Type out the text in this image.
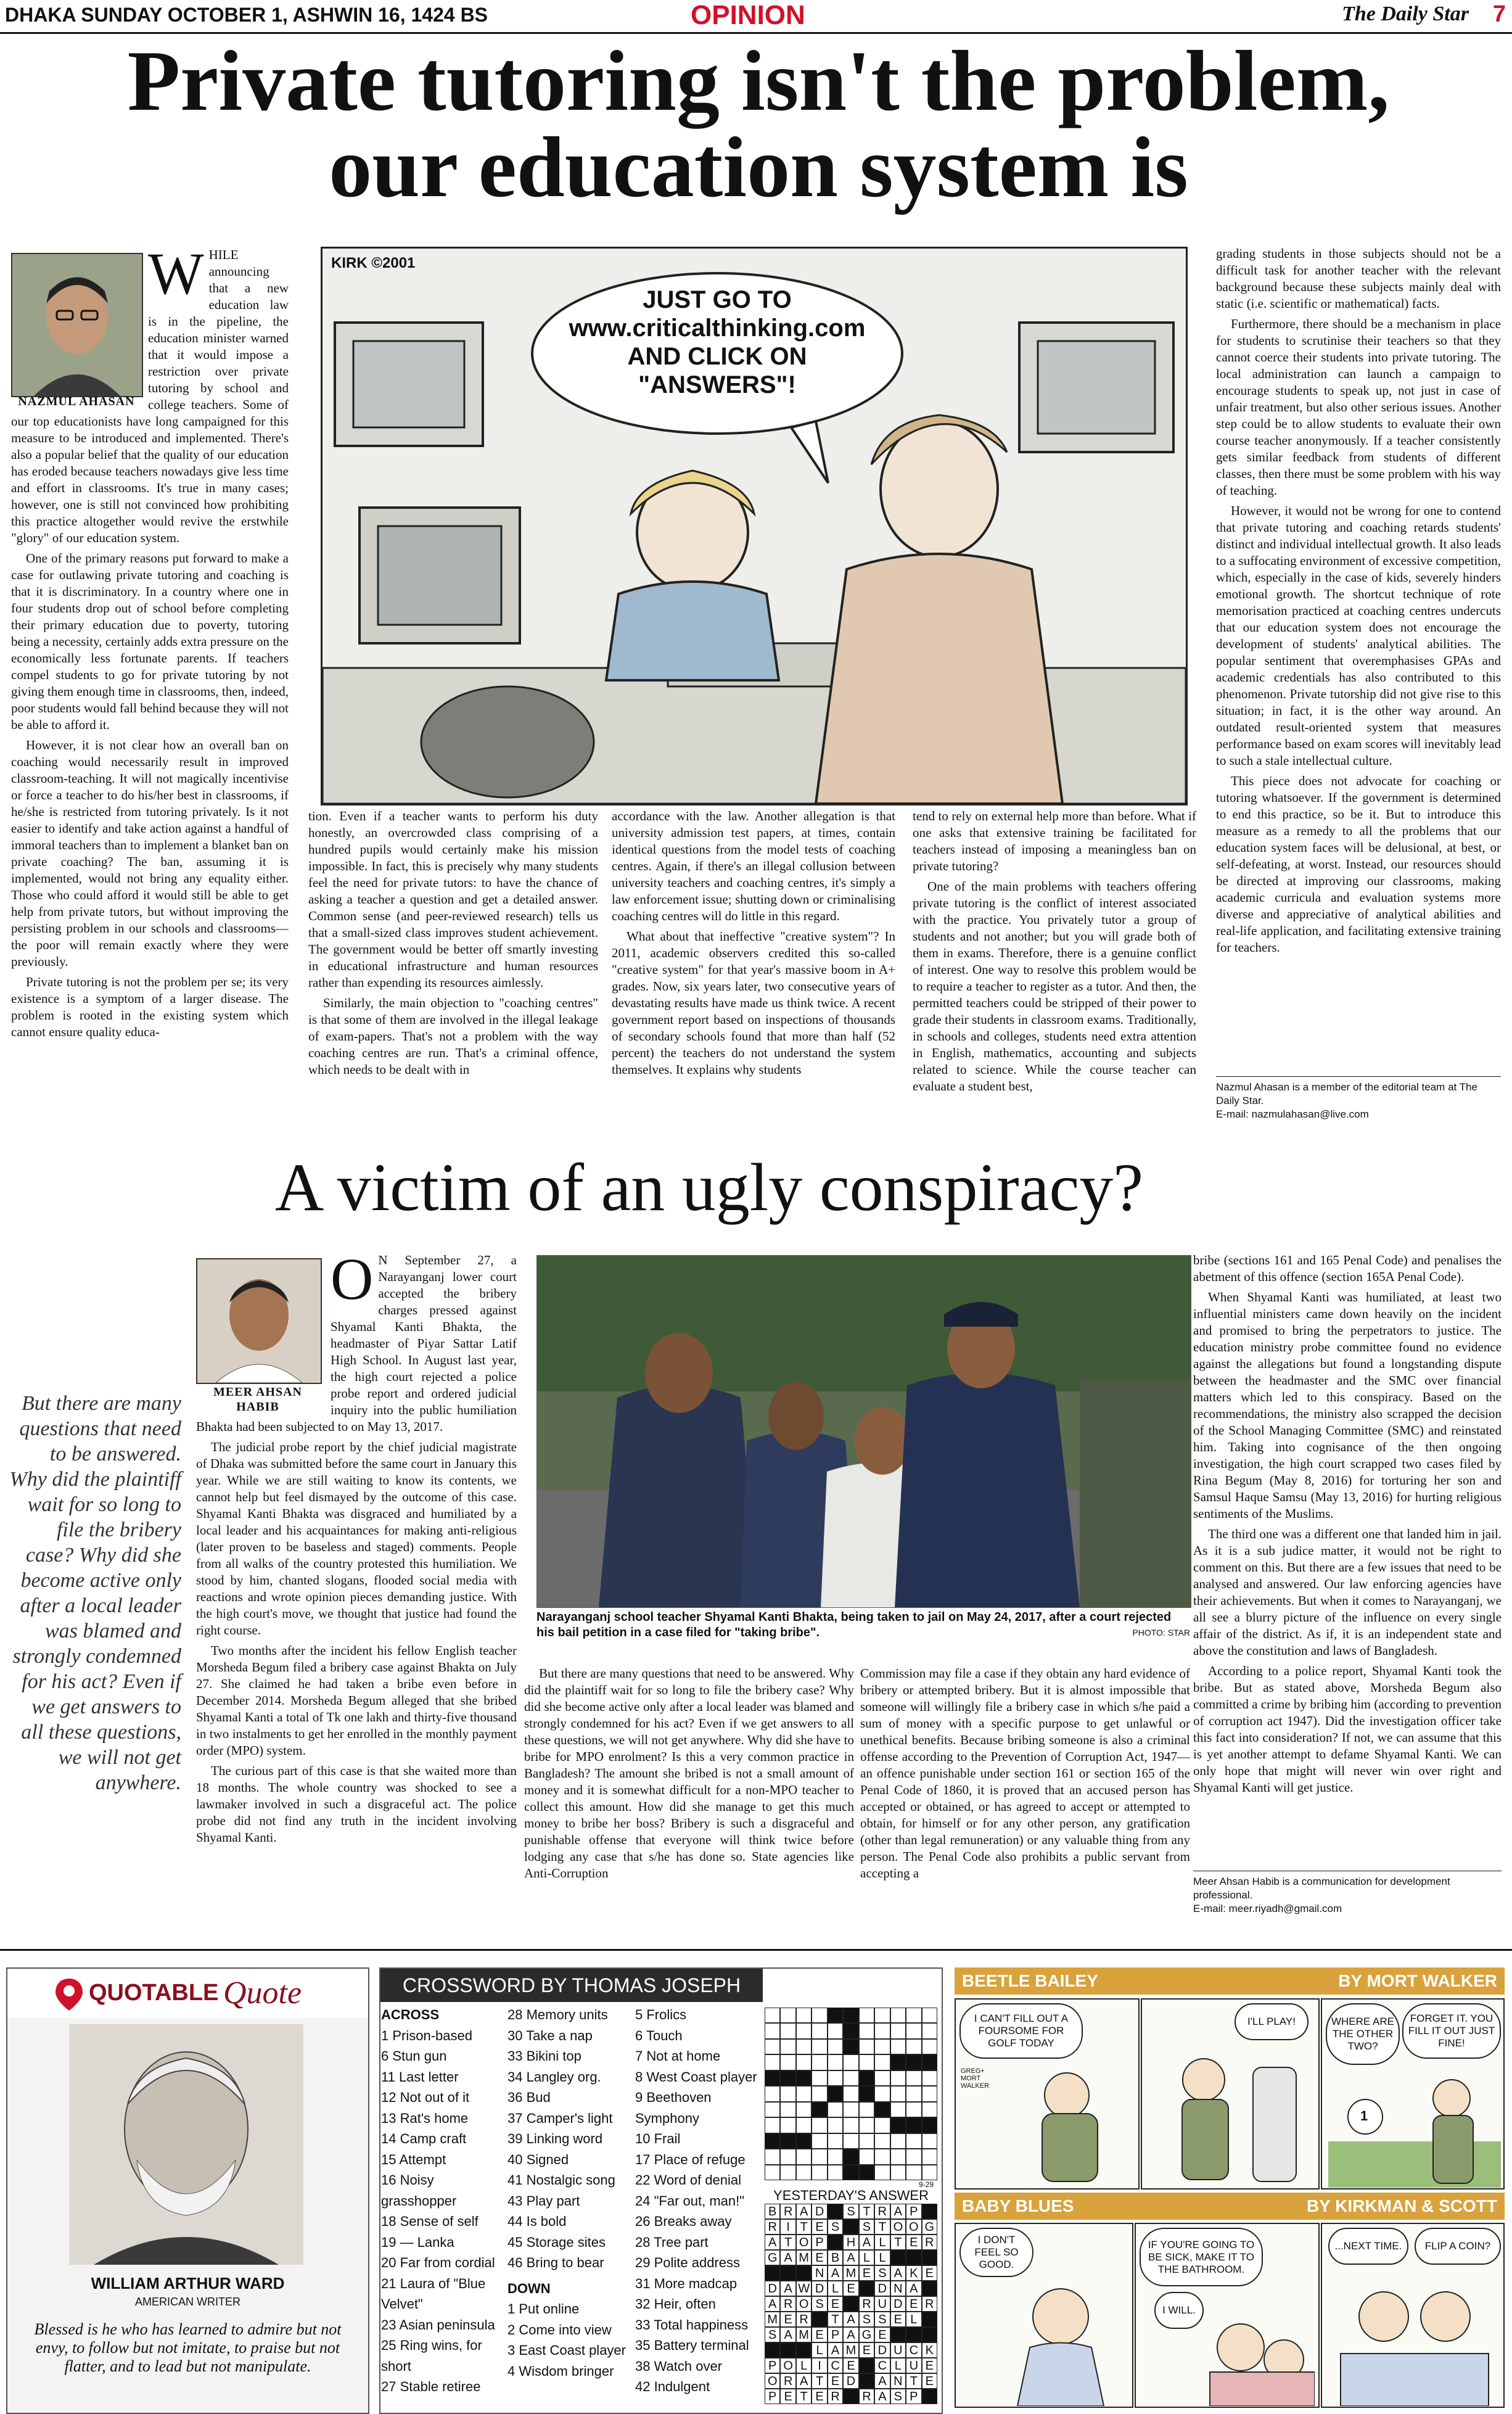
DHAKA SUNDAY OCTOBER 1, ASHWIN 16, 1424 BS	OPINION	The Daily Star 7
Private tutoring isn't the problem,
our education system is
NAZMUL AHASAN
W HILE announcing that a new education law is in the pipeline, the education minister warned that it would impose a restriction over private tutoring by school and college teachers. Some of our top educationists have long campaigned for this measure to be introduced and implemented. There's also a popular belief that the quality of our education has eroded because teachers nowadays give less time and effort in classrooms. It's true in many cases; however, one is still not convinced how prohibiting this practice altogether would revive the erstwhile "glory" of our education system.

One of the primary reasons put forward to make a case for outlawing private tutoring and coaching is that it is discriminatory. In a country where one in four students drop out of school before completing their primary education due to poverty, tutoring being a necessity, certainly adds extra pressure on the economically less fortunate parents. If teachers compel students to go for private tutoring by not giving them enough time in classrooms, then, indeed, poor students would fall behind because they will not be able to afford it.

However, it is not clear how an overall ban on coaching would necessarily result in improved classroom-teaching. It will not magically incentivise or force a teacher to do his/her best in classrooms, if he/she is restricted from tutoring privately. Is it not easier to identify and take action against a handful of immoral teachers than to implement a blanket ban on private coaching? The ban, assuming it is implemented, would not bring any equality either. Those who could afford it would still be able to get help from private tutors, but without improving the persisting problem in our schools and classrooms—the poor will remain exactly where they were previously.

Private tutoring is not the problem per se; its very existence is a symptom of a larger disease. The problem is rooted in the existing system which cannot ensure quality educa-

KIRK ©2001
JUST GO TO www.criticalthinking.com AND CLICK ON "ANSWERS"!

tion. Even if a teacher wants to perform his duty honestly, an overcrowded class comprising of a hundred pupils would certainly make his mission impossible. In fact, this is precisely why many students feel the need for private tutors: to have the chance of asking a teacher a question and get a detailed answer. Common sense (and peer-reviewed research) tells us that a small-sized class improves student achievement. The government would be better off smartly investing in educational infrastructure and human resources rather than expending its resources aimlessly.

Similarly, the main objection to "coaching centres" is that some of them are involved in the illegal leakage of exam-papers. That's not a problem with the way coaching centres are run. That's a criminal offence, which needs to be dealt with in

accordance with the law. Another allegation is that university admission test papers, at times, contain identical questions from the model tests of coaching centres. Again, if there's an illegal collusion between university teachers and coaching centres, it's simply a law enforcement issue; shutting down or criminalising coaching centres will do little in this regard.

What about that ineffective "creative system"? In 2011, academic observers credited this so-called "creative system" for that year's massive boom in A+ grades. Now, six years later, two consecutive years of devastating results have made us think twice. A recent government report based on inspections of thousands of secondary schools found that more than half (52 percent) the teachers do not understand the system themselves. It explains why students

tend to rely on external help more than before. What if one asks that extensive training be facilitated for teachers instead of imposing a meaningless ban on private tutoring?

One of the main problems with teachers offering private tutoring is the conflict of interest associated with the practice. You privately tutor a group of students and not another; but you will grade both of them in exams. Therefore, there is a genuine conflict of interest. One way to resolve this problem would be to require a teacher to register as a tutor. And then, the permitted teachers could be stripped of their power to grade their students in classroom exams. Traditionally, in schools and colleges, students need extra attention in English, mathematics, accounting and subjects related to science. While the course teacher can evaluate a student best,

grading students in those subjects should not be a difficult task for another teacher with the relevant background because these subjects mainly deal with static (i.e. scientific or mathematical) facts.

Furthermore, there should be a mechanism in place for students to scrutinise their teachers so that they cannot coerce their students into private tutoring. The local administration can launch a campaign to encourage students to speak up, not just in case of unfair treatment, but also other serious issues. Another step could be to allow students to evaluate their own course teacher anonymously. If a teacher consistently gets similar feedback from students of different classes, then there must be some problem with his way of teaching.

However, it would not be wrong for one to contend that private tutoring and coaching retards students' distinct and individual intellectual growth. It also leads to a suffocating environment of excessive competition, which, especially in the case of kids, severely hinders emotional growth. The shortcut technique of rote memorisation practiced at coaching centres undercuts that our education system does not encourage the development of students' analytical abilities. The popular sentiment that overemphasises GPAs and academic credentials has also contributed to this phenomenon. Private tutorship did not give rise to this situation; in fact, it is the other way around. An outdated result-oriented system that measures performance based on exam scores will inevitably lead to such a stale intellectual culture.

This piece does not advocate for coaching or tutoring whatsoever. If the government is determined to end this practice, so be it. But to introduce this measure as a remedy to all the problems that our education system faces will be delusional, at best, or self-defeating, at worst. Instead, our resources should be directed at improving our classrooms, making academic curricula and evaluation systems more diverse and appreciative of analytical abilities and real-life application, and facilitating extensive training for teachers.

Nazmul Ahasan is a member of the editorial team at The Daily Star.
E-mail: nazmulahasan@live.com
A victim of an ugly conspiracy?
But there are many questions that need to be answered. Why did the plaintiff wait for so long to file the bribery case? Why did she become active only after a local leader was blamed and strongly condemned for his act? Even if we get answers to all these questions, we will not get anywhere.
MEER AHSAN
HABIB
O N September 27, a Narayanganj lower court accepted the bribery charges pressed against Shyamal Kanti Bhakta, the headmaster of Piyar Sattar Latif High School. In August last year, the high court rejected a police probe report and ordered judicial inquiry into the public humiliation Bhakta had been subjected to on May 13, 2017.

The judicial probe report by the chief judicial magistrate of Dhaka was submitted before the same court in January this year. While we are still waiting to know its contents, we cannot help but feel dismayed by the outcome of this case. Shyamal Kanti Bhakta was disgraced and humiliated by a local leader and his acquaintances for making anti-religious (later proven to be baseless and staged) comments. People from all walks of the country protested this humiliation. We stood by him, chanted slogans, flooded social media with reactions and wrote opinion pieces demanding justice. With the high court's move, we thought that justice had found the right course.

Two months after the incident his fellow English teacher Morsheda Begum filed a bribery case against Bhakta on July 27. She claimed he had taken a bribe even before in December 2014. Morsheda Begum alleged that she bribed Shyamal Kanti a total of Tk one lakh and thirty-five thousand in two instalments to get her enrolled in the monthly payment order (MPO) system.

The curious part of this case is that she waited more than 18 months. The whole country was shocked to see a lawmaker involved in such a disgraceful act. The police probe did not find any truth in the incident involving Shyamal Kanti.

Narayanganj school teacher Shyamal Kanti Bhakta, being taken to jail on May 24, 2017, after a court rejected his bail petition in a case filed for "taking bribe".	PHOTO: STAR

But there are many questions that need to be answered. Why did the plaintiff wait for so long to file the bribery case? Why did she become active only after a local leader was blamed and strongly condemned for his act? Even if we get answers to all these questions, we will not get anywhere. Why did she have to bribe for MPO enrolment? Is this a very common practice in Bangladesh? The amount she bribed is not a small amount of money and it is somewhat difficult for a non-MPO teacher to collect this amount. How did she manage to get this much money to bribe her boss? Bribery is such a disgraceful and punishable offense that everyone will think twice before lodging any case that s/he has done so. State agencies like Anti-Corruption

Commission may file a case if they obtain any hard evidence of bribery or attempted bribery. But it is almost impossible that someone will willingly file a bribery case in which s/he paid a sum of money with a specific purpose to get unlawful or unethical benefits. Because bribing someone is also a criminal offense according to the Prevention of Corruption Act, 1947—an offence punishable under section 161 or section 165 of the Penal Code of 1860, it is proved that an accused person has accepted or obtained, or has agreed to accept or attempted to obtain, for himself or for any other person, any gratification (other than legal remuneration) or any valuable thing from any person. The Penal Code also prohibits a public servant from accepting a

bribe (sections 161 and 165 Penal Code) and penalises the abetment of this offence (section 165A Penal Code).

When Shyamal Kanti was humiliated, at least two influential ministers came down heavily on the incident and promised to bring the perpetrators to justice. The education ministry probe committee found no evidence against the allegations but found a longstanding dispute between the headmaster and the SMC over financial matters which led to this conspiracy. Based on the recommendations, the ministry also scrapped the decision of the School Managing Committee (SMC) and reinstated him. Taking into cognisance of the then ongoing investigation, the high court scrapped two cases filed by Rina Begum (May 8, 2016) for torturing her son and Samsul Haque Samsu (May 13, 2016) for hurting religious sentiments of the Muslims.

The third one was a different one that landed him in jail. As it is a sub judice matter, it would not be right to comment on this. But there are a few issues that need to be analysed and answered. Our law enforcing agencies have their achievements. But when it comes to Narayanganj, we all see a blurry picture of the influence on every single affair of the district. As if, it is an independent state and above the constitution and laws of Bangladesh.

According to a police report, Shyamal Kanti took the bribe. But as stated above, Morsheda Begum also committed a crime by bribing him (according to prevention of corruption act 1947). Did the investigation officer take this fact into consideration? If not, we can assume that this is yet another attempt to defame Shyamal Kanti. We can only hope that might will never win over right and Shyamal Kanti will get justice.

Meer Ahsan Habib is a communication for development professional.
E-mail: meer.riyadh@gmail.com
QUOTABLE Quote
WILLIAM ARTHUR WARD
AMERICAN WRITER
Blessed is he who has learned to admire but not envy, to follow but not imitate, to praise but not flatter, and to lead but not manipulate.
CROSSWORD BY THOMAS JOSEPH
ACROSS
1 Prison-based
6 Stun gun
11 Last letter
12 Not out of it
13 Rat's home
14 Camp craft
15 Attempt
16 Noisy
grasshopper
18 Sense of self
19 — Lanka
20 Far from cordial
21 Laura of "Blue
Velvet"
23 Asian peninsula
25 Ring wins, for
short
27 Stable retiree
28 Memory units
30 Take a nap
33 Bikini top
34 Langley org.
36 Bud
37 Camper's light
39 Linking word
40 Signed
41 Nostalgic song
43 Play part
44 Is bold
45 Storage sites
46 Bring to bear
DOWN
1 Put online
2 Come into view
3 East Coast player
4 Wisdom bringer
5 Frolics
6 Touch
7 Not at home
8 West Coast player
9 Beethoven
Symphony
10 Frail
17 Place of refuge
22 Word of denial
24 "Far out, man!"
26 Breaks away
28 Tree part
29 Polite address
31 More madcap
32 Heir, often
33 Total happiness
35 Battery terminal
38 Watch over
42 Indulgent
9-29
YESTERDAY'S ANSWER
B R A D	S T R A P
R I T E S	S T O O G
A T O P	H A L T E R
G A M E B A L L
N A M E S A K E
D A W D L E	D N A
A R O S E	R U D E R
M E R	T A S S E L
S A M E P A G E
L A M E D U C K
P O L I C E	C L U E
O R A T E D	A N T E
P E T E R R A S P
BEETLE BAILEY	BY MORT WALKER
I CAN'T FILL OUT A FOURSOME FOR GOLF TODAY
GREG+ MORT WALKER
I'LL PLAY!	WHERE ARE THE OTHER TWO?
FORGET IT. YOU FILL IT OUT JUST FINE!
1
BABY BLUES	BY KIRKMAN & SCOTT
I DON'T FEEL SO GOOD.
IF YOU'RE GOING TO BE SICK, MAKE IT TO THE BATHROOM.
I WILL.
...NEXT TIME.	FLIP A COIN?
